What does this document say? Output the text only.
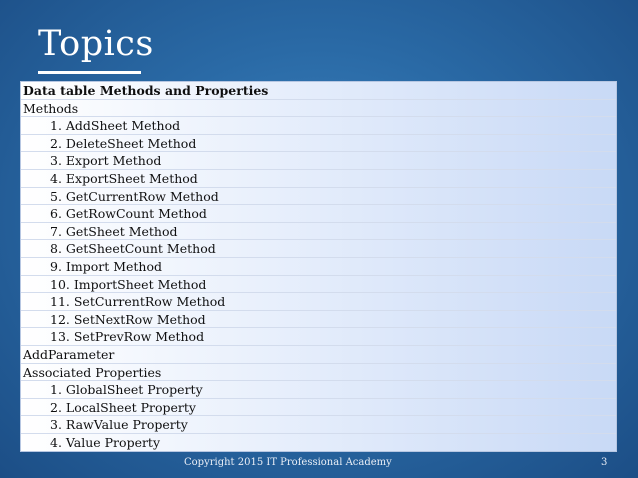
Topics
Data table Methods and Properties
Methods
1. AddSheet Method
2. DeleteSheet Method
3. Export Method
4. ExportSheet Method
5. GetCurrentRow Method
6. GetRowCount Method
7. GetSheet Method
8. GetSheetCount Method
9. Import Method
10. ImportSheet Method
11. SetCurrentRow Method
12. SetNextRow Method
13. SetPrevRow Method
AddParameter
Associated Properties
1. GlobalSheet Property
2. LocalSheet Property
3. RawValue Property
4. Value Property
Copyright 2015 IT Professional Academy	3
